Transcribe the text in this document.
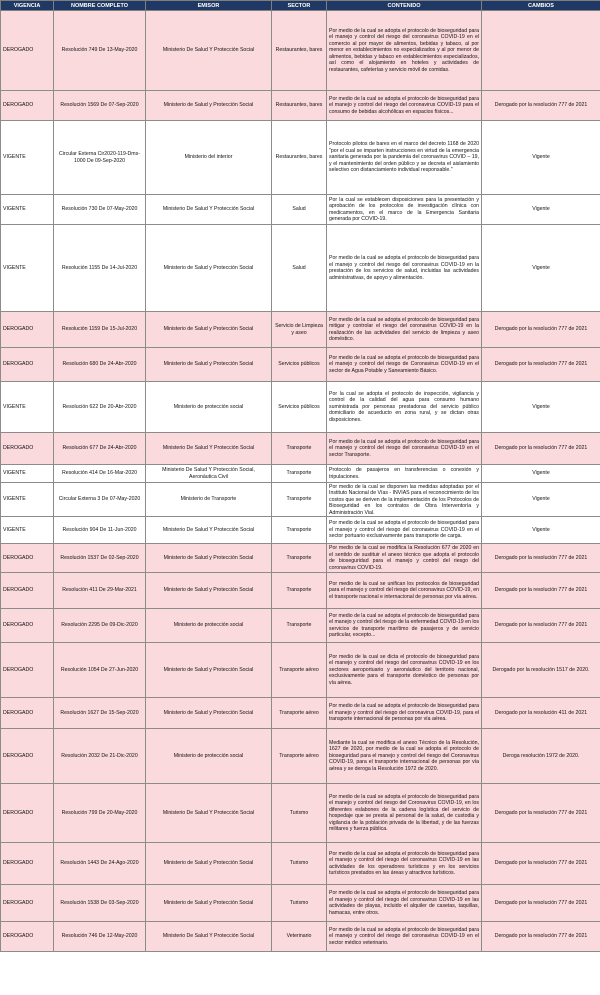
VIGENCIA	NOMBRE COMPLETO	EMISOR	SECTOR	CONTENIDO	CAMBIOS

DEROGADO	Resolución 749 De 13-May-2020	Ministerio De Salud Y Protección Social	Restaurantes, bares	Por medio de la cual se adopta el protocolo de bioseguridad para el manejo y control del riesgo del coronavirus COVID-19 en el comercio al por mayor de alimentos, bebidas y tabaco, al por menor en establecimientos no especializados y al por menor de alimentos, bebidas y tabaco en establecimientos especializados, así como el alojamiento en hoteles y actividades de restaurantes, cafeterías y servicio móvil de comidas.	

DEROGADO	Resolución 1569 De 07-Sep-2020	Ministerio de Salud y Protección Social	Restaurantes, bares	Por medio de la cual se adopta el protocolo de bioseguridad para el manejo y control del riesgo del coronavirus COVID-19 para el consumo de bebidas alcohólicas en espacios físicos...	Derogado por la resolución 777 de 2021

VIGENTE	Circular Externa Cir2020-119-Dms-1000 De 09-Sep-2020	Ministerio del interior	Restaurantes, bares	Protocolo pilotos de bares en el marco del decreto 1168 de 2020 "por el cual se imparten instrucciones en virtud de la emergencia sanitaria generada por la pandemia del coronavirus COVID – 19, y el mantenimiento del orden público y se decreta el aislamiento selectivo con distanciamiento individual responsable."	Vigente

VIGENTE	Resolución 730 De 07-May-2020	Ministerio De Salud Y Protección Social	Salud	Por la cual se establecen disposiciones para la presentación y aprobación de los protocolos de investigación clínica con medicamentos, en el marco de la Emergencia Sanitaria generada por COVID-19.	Vigente

VIGENTE	Resolución 1155 De 14-Jul-2020	Ministerio de Salud y Protección Social	Salud	Por medio de la cual se adopta el protocolo de bioseguridad para el manejo y control del riesgo del coronavirus COVID-19 en la prestación de los servicios de salud, incluidas las actividades administrativas, de apoyo y alimentación.	Vigente

DEROGADO	Resolución 1159 De 15-Jul-2020	Ministerio de Salud y Protección Social	Servicio de Limpieza y aseo	Por medio de la cual se adopta el protocolo de bioseguridad para mitigar y controlar el riesgo del coronavirus COVID-19 en la realización de las actividades del servicio de limpieza y aseo doméstico.	Derogado por la resolución 777 de 2021

DEROGADO	Resolución 680 De 24-Abr-2020	Ministerio de Salud y Protección Social	Servicios públicos	Por medio de la cual se adopta el protocolo de bioseguridad para el manejo y control del riesgo de Coronavirus COVID-19 en el sector de Agua Potable y Saneamiento Básico.	Derogado por la resolución 777 de 2021

VIGENTE	Resolución 622 De 20-Abr-2020	Ministerio de protección social	Servicios públicos	Por la cual se adopta el protocolo de inspección, vigilancia y control de la calidad del agua para consumo humano suministrada por personas prestadoras del servicio público domiciliario de acueducto en zona rural, y se dictan otras disposiciones.	Vigente

DEROGADO	Resolución 677 De 24-Abr-2020	Ministerio De Salud Y Protección Social	Transporte	Por medio de la cual se adopta el protocolo de bioseguridad para el manejo y control del riesgo del coronavirus COVID-19 en el sector Transporte.	Derogado por la resolución 777 de 2021

VIGENTE	Resolución 414 De 16-Mar-2020	Ministerio De Salud Y Protección Social, Aeronáutica Civil	Transporte	Protocolo de pasajeros en transferencias o conexión y tripulaciones.	Vigente

VIGENTE	Circular Externa 3 De 07-May-2020	Ministerio de Transporte	Transporte	Por medio de la cual se disponen las medidas adoptadas por el Instituto Nacional de Vías - INVIAS para el reconocimiento de los costos que se deriven de la implementación de los Protocolos de Bioseguridad en los contratos de Obra Interventoría y Administración Vial.	Vigente

VIGENTE	Resolución 904 De 11-Jun-2020	Ministerio De Salud Y Protección Social	Transporte	Por medio de la cual se adopta el protocolo de bioseguridad para el manejo y control del riesgo del coronavirus COVID-19 en el sector portuario exclusivamente para transporte de carga.	Vigente

DEROGADO	Resolución 1537 De 02-Sep-2020	Ministerio de Salud y Protección Social	Transporte	Por medio de la cual se modifica la Resolución 677 de 2020 en el sentido de sustituir el anexo técnico que adopta el protocolo de bioseguridad para el manejo y control del riesgo del coronavirus COVID-19.	Derogado por la resolución 777 de 2021

DEROGADO	Resolución 411 De 29-Mar-2021	Ministerio de Salud y Protección Social	Transporte	Por medio de la cual se unifican los protocolos de bioseguridad para el manejo y control del riesgo del coronavirus COVID-19, en el transporte nacional e internacional de personas por vía aérea.	Derogado por la resolución 777 de 2021

DEROGADO	Resolución 2295 De 09-Dic-2020	Ministerio de protección social	Transporte	Por medio de la cual se adopta el protocolo de bioseguridad para el manejo y control del riesgo de la enfermedad COVID-19 en los servicios de transporte marítimo de pasajeros y de servicio particular, excepto...	Derogado por la resolución 777 de 2021

DEROGADO	Resolución 1054 De 27-Jun-2020	Ministerio de Salud y Protección Social	Transporte aéreo	Por medio de la cual se dicta el protocolo de bioseguridad para el manejo y control del riesgo del coronavirus COVID-19 en los sectores aeroportuario y aeronáutico del territorio nacional, exclusivamente para el transporte doméstico de personas por vía aérea.	Derogado por la resolución 1517 de 2020.

DEROGADO	Resolución 1627 De 15-Sep-2020	Ministerio de Salud y Protección Social	Transporte aéreo	Por medio de la cual se adopta el protocolo de bioseguridad para el manejo y control del riesgo del coronavirus COVID-19, para el transporte internacional de personas por vía aérea.	Derogado por la resolución 411 de 2021

DEROGADO	Resolución 2032 De 21-Dic-2020	Ministerio de protección social	Transporte aéreo	Mediante la cual se modifica el anexo Técnico de la Resolución, 1627 de 2020, por medio de la cual se adopta el protocolo de bioseguridad para el manejo y control del riesgo del Coronavirus COVID-19, para el transporte internacional de personas por vía aérea y se deroga la Resolución 1972 de 2020.	Deroga resolución 1972 de 2020.

DEROGADO	Resolución 799 De 20-May-2020	Ministerio De Salud Y Protección Social	Turismo	Por medio de la cual se adopta el protocolo de bioseguridad para el manejo y control del riesgo del Coronavirus COVID-19, en los diferentes eslabones de la cadena logística del servicio de hospedaje que se presta al personal de la salud, de custodia y vigilancia de la población privada de la libertad, y de las fuerzas militares y fuerza pública.	Derogado por la resolución 777 de 2021

DEROGADO	Resolución 1443 De 24-Ago-2020	Ministerio de Salud y Protección Social	Turismo	Por medio de la cual se adopta el protocolo de bioseguridad para el manejo y control del riesgo del coronavirus COVID-19 en las actividades de los operadores turísticos y en los servicios turísticos prestados en las áreas y atractivos turísticos.	Derogado por la resolución 777 de 2021

DEROGADO	Resolución 1538 De 03-Sep-2020	Ministerio de Salud y Protección Social	Turismo	Por medio de la cual se adopta el protocolo de bioseguridad para el manejo y control del riesgo del coronavirus COVID-19 en las actividades de playas, incluido el alquiler de casetas, taquillas, hamacas, entre otros.	Derogado por la resolución 777 de 2021

DEROGADO	Resolución 746 De 12-May-2020	Ministerio De Salud Y Protección Social	Veterinario	Por medio de la cual se adopta el protocolo de bioseguridad para el manejo y control del riesgo del coronavirus COVID-19 en el sector médico veterinario.	Derogado por la resolución 777 de 2021
